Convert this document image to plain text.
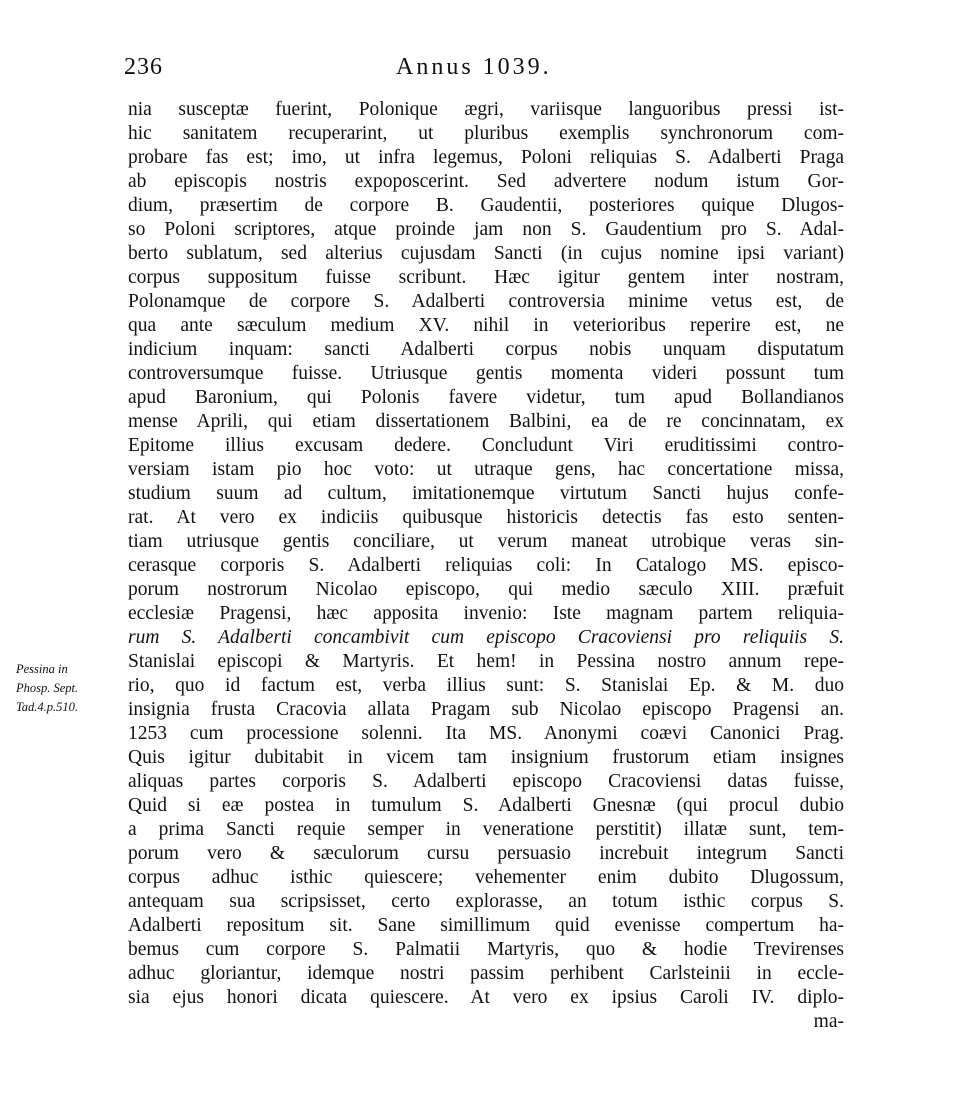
236	Annus 1039.
Pessina in
Phosp. Sept.
Tad.4.p.510.
nia susceptæ fuerint, Polonique ægri, variisque languoribus pressi ist-
hic sanitatem recuperarint, ut pluribus exemplis synchronorum com-
probare fas est; imo, ut infra legemus, Poloni reliquias S. Adalberti Praga
ab episcopis nostris expoposcerint. Sed advertere nodum istum Gor-
dium, præsertim de corpore B. Gaudentii, posteriores quique Dlugos-
so Poloni scriptores, atque proinde jam non S. Gaudentium pro S. Adal-
berto sublatum, sed alterius cujusdam Sancti (in cujus nomine ipsi variant)
corpus suppositum fuisse scribunt. Hæc igitur gentem inter nostram,
Polonamque de corpore S. Adalberti controversia minime vetus est, de
qua ante sæculum medium XV. nihil in veterioribus reperire est, ne
indicium inquam: sancti Adalberti corpus nobis unquam disputatum
controversumque fuisse. Utriusque gentis momenta videri possunt tum
apud Baronium, qui Polonis favere videtur, tum apud Bollandianos
mense Aprili, qui etiam dissertationem Balbini, ea de re concinnatam, ex
Epitome illius excusam dedere. Concludunt Viri eruditissimi contro-
versiam istam pio hoc voto: ut utraque gens, hac concertatione missa,
studium suum ad cultum, imitationemque virtutum Sancti hujus confe-
rat. At vero ex indiciis quibusque historicis detectis fas esto senten-
tiam utriusque gentis conciliare, ut verum maneat utrobique veras sin-
cerasque corporis S. Adalberti reliquias coli: In Catalogo MS. episco-
porum nostrorum Nicolao episcopo, qui medio sæculo XIII. præfuit
ecclesiæ Pragensi, hæc apposita invenio: Iste magnam partem reliquia-
rum S. Adalberti concambivit cum episcopo Cracoviensi pro reliquiis S.
Stanislai episcopi & Martyris. Et hem! in Pessina nostro annum repe-
rio, quo id factum est, verba illius sunt: S. Stanislai Ep. & M. duo
insignia frusta Cracovia allata Pragam sub Nicolao episcopo Pragensi an.
1253 cum processione solenni. Ita MS. Anonymi coævi Canonici Prag.
Quis igitur dubitabit in vicem tam insignium frustorum etiam insignes
aliquas partes corporis S. Adalberti episcopo Cracoviensi datas fuisse,
Quid si eæ postea in tumulum S. Adalberti Gnesnæ (qui procul dubio
a prima Sancti requie semper in veneratione perstitit) illatæ sunt, tem-
porum vero & sæculorum cursu persuasio increbuit integrum Sancti
corpus adhuc isthic quiescere; vehementer enim dubito Dlugossum,
antequam sua scripsisset, certo explorasse, an totum isthic corpus S.
Adalberti repositum sit. Sane simillimum quid evenisse compertum ha-
bemus cum corpore S. Palmatii Martyris, quo & hodie Trevirenses
adhuc gloriantur, idemque nostri passim perhibent Carlsteinii in eccle-
sia ejus honori dicata quiescere. At vero ex ipsius Caroli IV. diplo-
ma-
